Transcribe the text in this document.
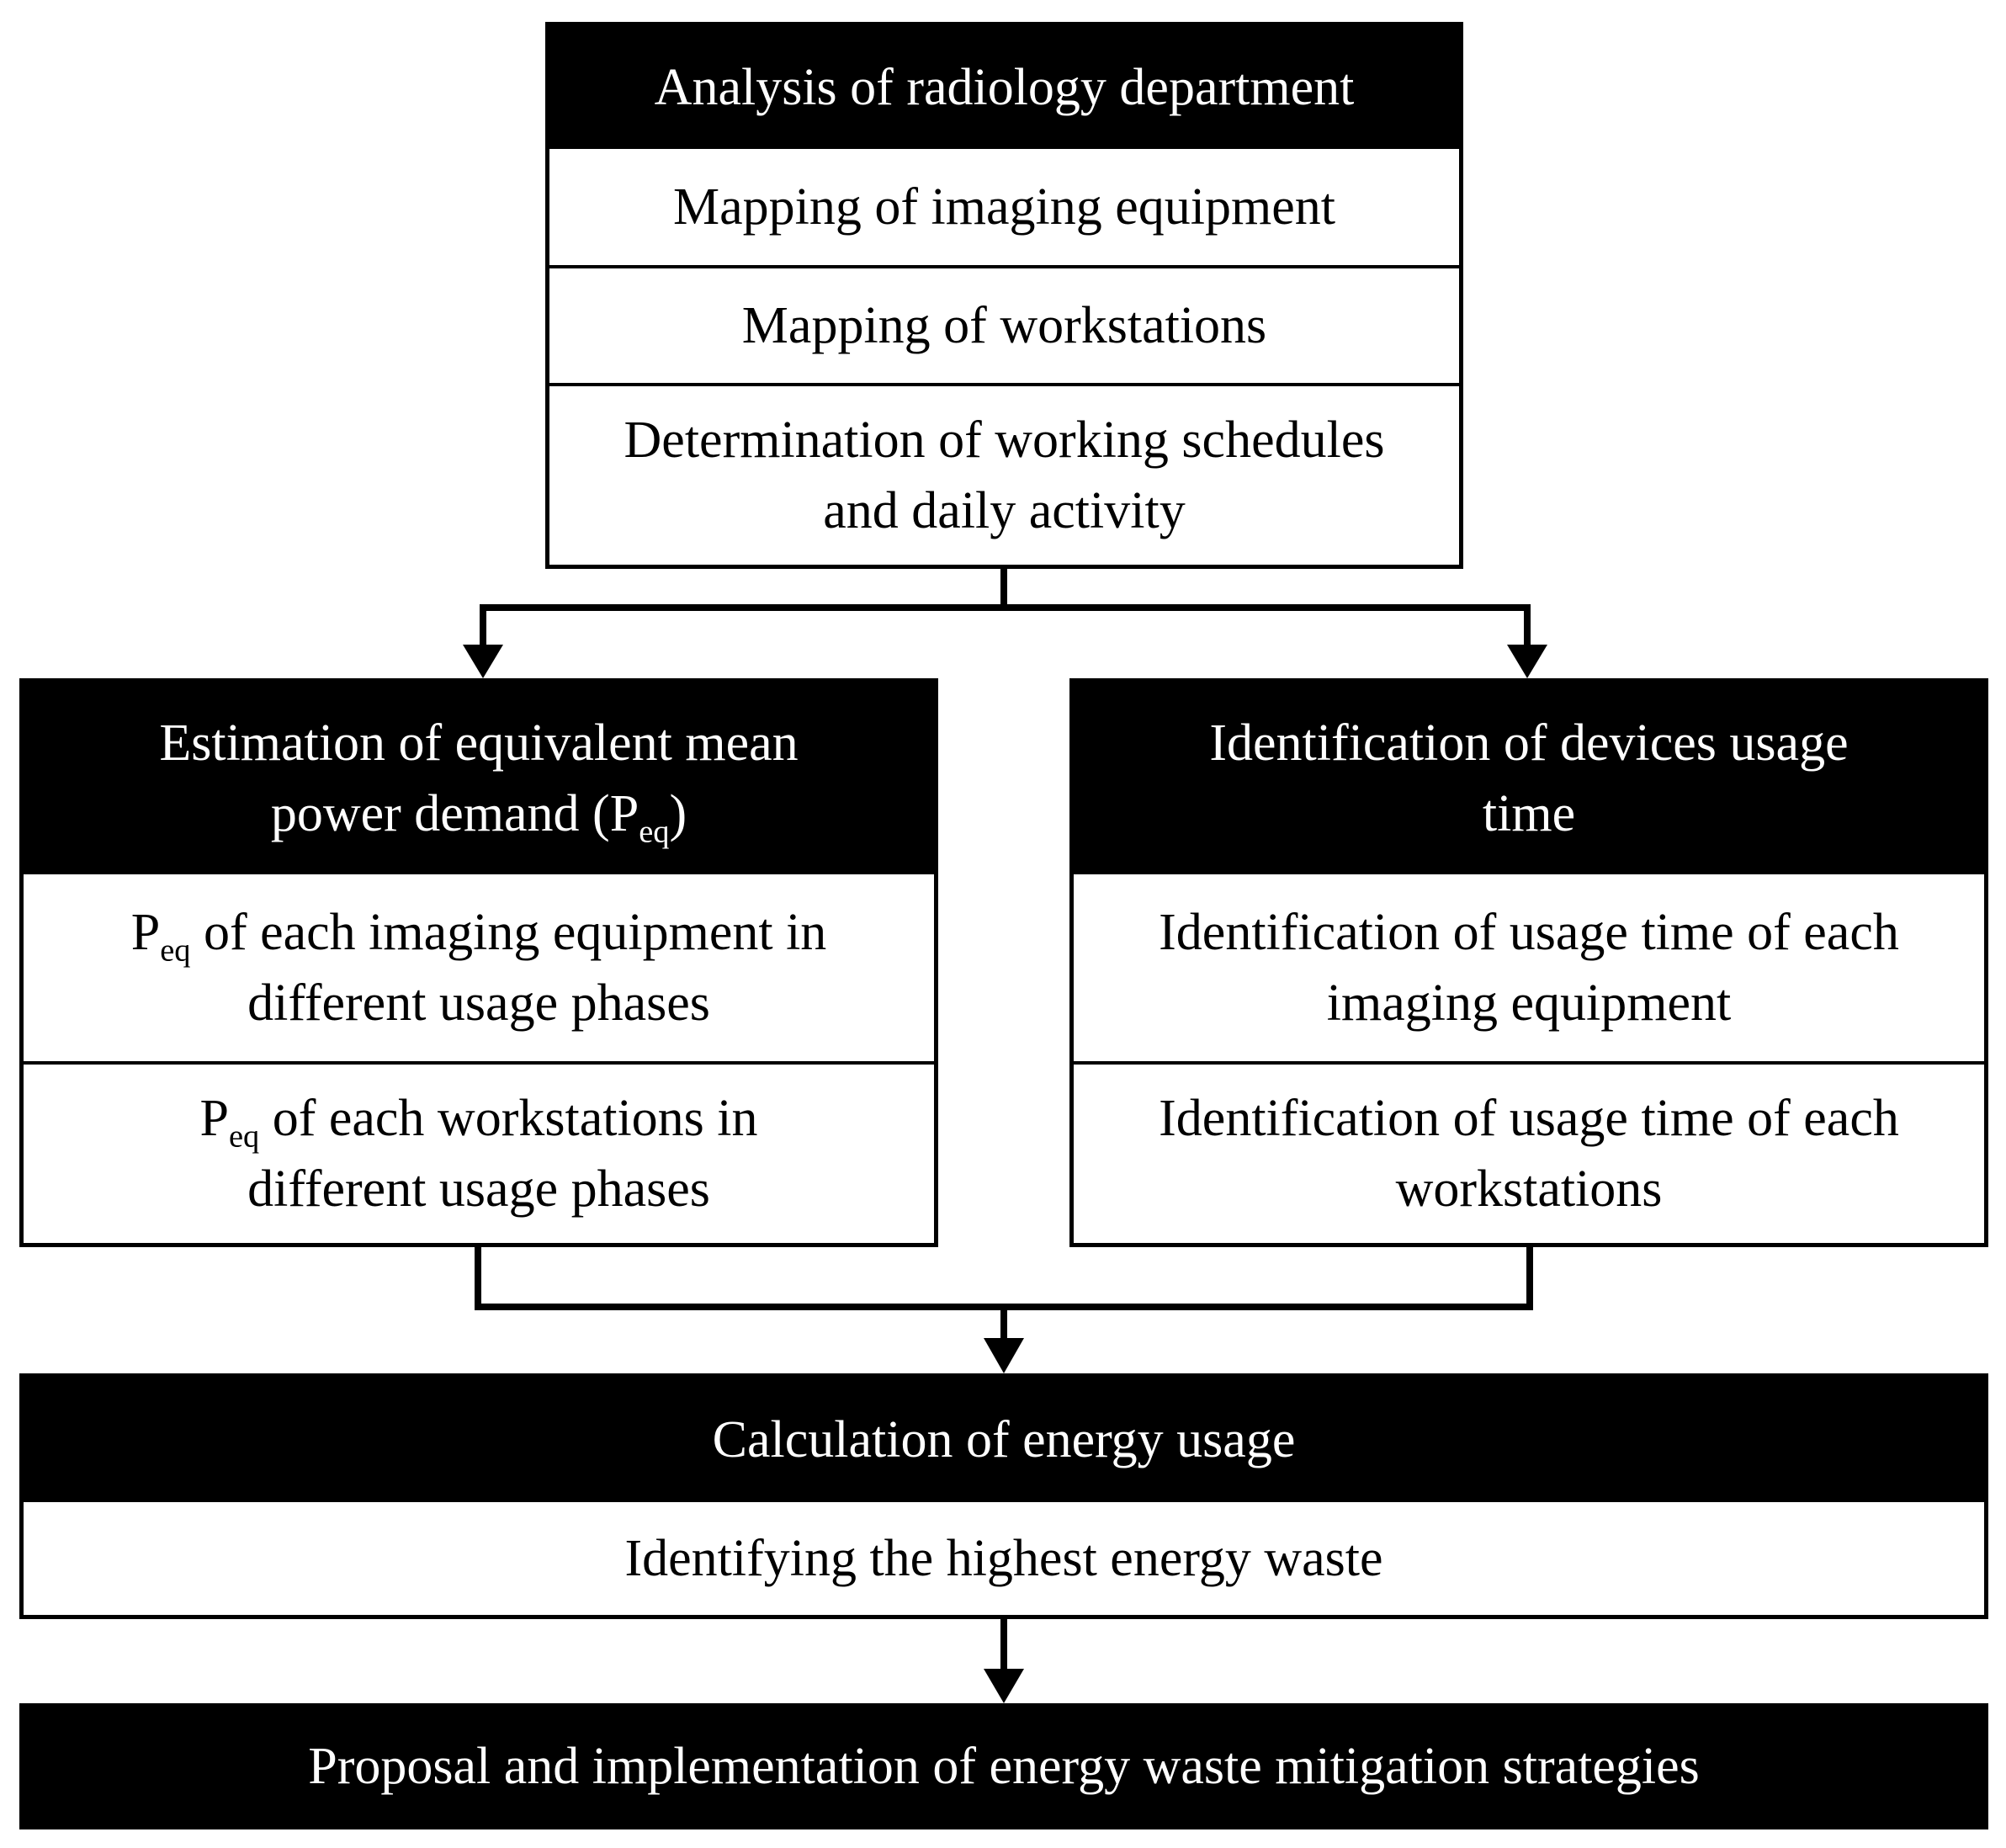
Analysis of radiology department
Mapping of imaging equipment
Mapping of workstations
Determination of working schedules and daily activity
Estimation of equivalent mean power demand $(P_{eq})$
$P_{eq}$ of each imaging equipment in different usage phases
$P_{eq}$ of each workstations in different usage phases
Identification of devices usage time
Identification of usage time of each imaging equipment
Identification of usage time of each workstations
Calculation of energy usage
Identifying the highest energy waste
Proposal and implementation of energy waste mitigation strategies
